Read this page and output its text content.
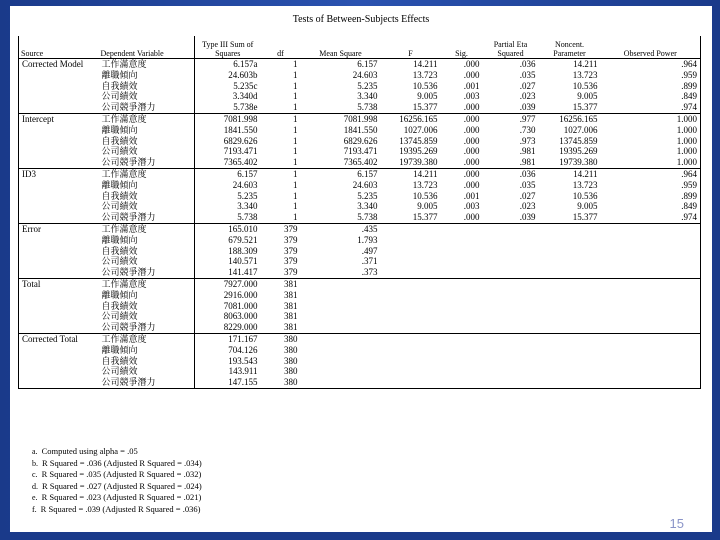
Tests of Between-Subjects Effects
Source	Dependent Variable	Type III Sum of Squares	df	Mean Square	F	Sig.	Partial Eta Squared	Noncent. Parameter	Observed Power
Corrected Model	工作滿意度	6.157a	1	6.157	14.211	.000	.036	14.211	.964
	離職傾向	24.603b	1	24.603	13.723	.000	.035	13.723	.959
	自我績效	5.235c	1	5.235	10.536	.001	.027	10.536	.899
	公司績效	3.340d	1	3.340	9.005	.003	.023	9.005	.849
	公司競爭潛力	5.738e	1	5.738	15.377	.000	.039	15.377	.974
Intercept	工作滿意度	7081.998	1	7081.998	16256.165	.000	.977	16256.165	1.000
	離職傾向	1841.550	1	1841.550	1027.006	.000	.730	1027.006	1.000
	自我績效	6829.626	1	6829.626	13745.859	.000	.973	13745.859	1.000
	公司績效	7193.471	1	7193.471	19395.269	.000	.981	19395.269	1.000
	公司競爭潛力	7365.402	1	7365.402	19739.380	.000	.981	19739.380	1.000
ID3	工作滿意度	6.157	1	6.157	14.211	.000	.036	14.211	.964
	離職傾向	24.603	1	24.603	13.723	.000	.035	13.723	.959
	自我績效	5.235	1	5.235	10.536	.001	.027	10.536	.899
	公司績效	3.340	1	3.340	9.005	.003	.023	9.005	.849
	公司競爭潛力	5.738	1	5.738	15.377	.000	.039	15.377	.974
Error	工作滿意度	165.010	379	.435					
	離職傾向	679.521	379	1.793					
	自我績效	188.309	379	.497					
	公司績效	140.571	379	.371					
	公司競爭潛力	141.417	379	.373					
Total	工作滿意度	7927.000	381						
	離職傾向	2916.000	381						
	自我績效	7081.000	381						
	公司績效	8063.000	381						
	公司競爭潛力	8229.000	381						
Corrected Total	工作滿意度	171.167	380						
	離職傾向	704.126	380						
	自我績效	193.543	380						
	公司績效	143.911	380						
	公司競爭潛力	147.155	380						
a. Computed using alpha = .05
b. R Squared = .036 (Adjusted R Squared = .034)
c. R Squared = .035 (Adjusted R Squared = .032)
d. R Squared = .027 (Adjusted R Squared = .024)
e. R Squared = .023 (Adjusted R Squared = .021)
f. R Squared = .039 (Adjusted R Squared = .036)
15
